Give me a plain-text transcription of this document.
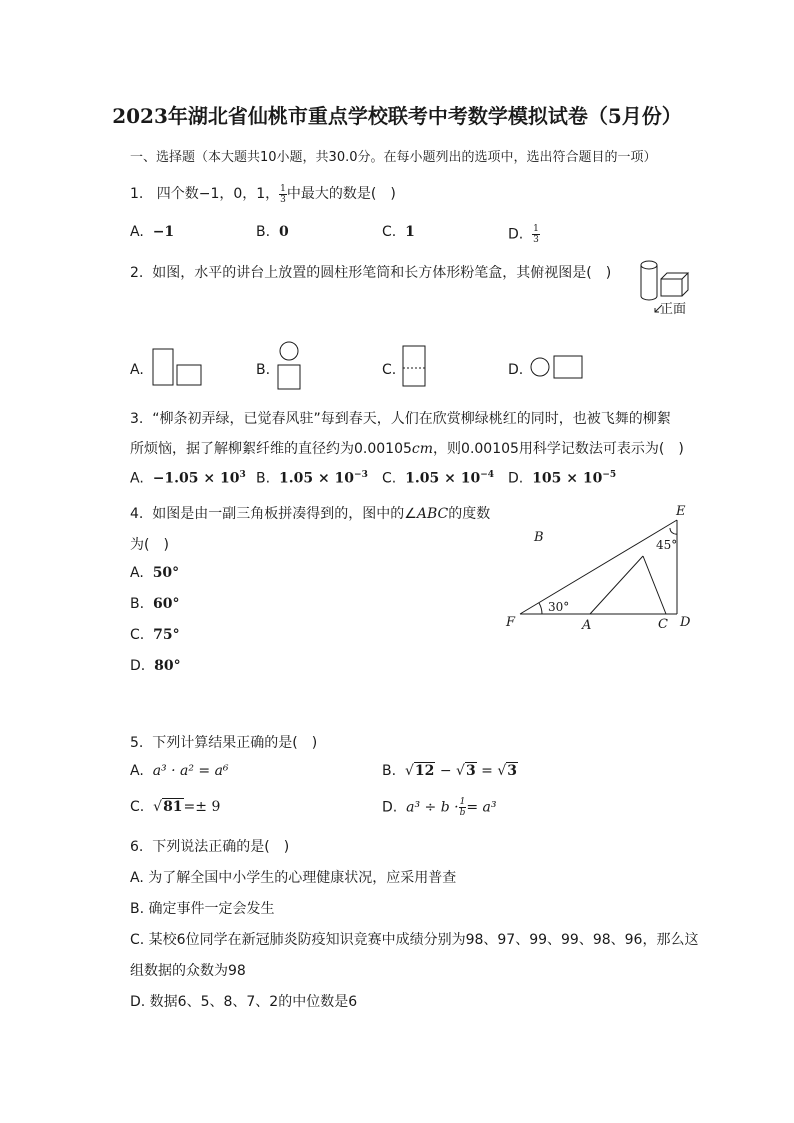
2023年湖北省仙桃市重点学校联考中考数学模拟试卷（5月份）
一、选择题（本大题共10小题，共30.0分。在每小题列出的选项中，选出符合题目的一项）
1. 四个数−1，0，1， $\frac{1}{3}$ 中最大的数是(　)
A. −1	B. 0	C. 1	D. $\frac{1}{3}$
2. 如图，水平的讲台上放置的圆柱形笔筒和长方体形粉笔盒，其俯视图是(　)
正面
A.	B.	C.	D.
3. “柳条初弄绿，已觉春风驻”每到春天，人们在欣赏柳绿桃红的同时，也被飞舞的柳絮
所烦恼，据了解柳絮纤维的直径约为0.00105cm，则0.00105用科学记数法可表示为(　)
A. $-1.05 \times 10^3$ B. $1.05 \times 10^{-3}$ C. $1.05 \times 10^{-4}$ D. $105 \times 10^{-5}$
4. 如图是由一副三角板拼凑得到的，图中的∠ABC的度数
为(　)
A. 50°
B. 60°
C. 75°
D. 80°
E
B
F	A	C D
45°
30°
5. 下列计算结果正确的是(　)
A. a³ · a² = a⁶	B. √12 − √3 = √3
C. √81=± 9	D. $a^3 \div b \cdot \frac{1}{b} = a^3$
6. 下列说法正确的是(　)
A. 为了解全国中小学生的心理健康状况，应采用普查
B. 确定事件一定会发生
C. 某校6位同学在新冠肺炎防疫知识竞赛中成绩分别为98、97、99、99、98、96，那么这
组数据的众数为98
D. 数据6、5、8、7、2的中位数是6
